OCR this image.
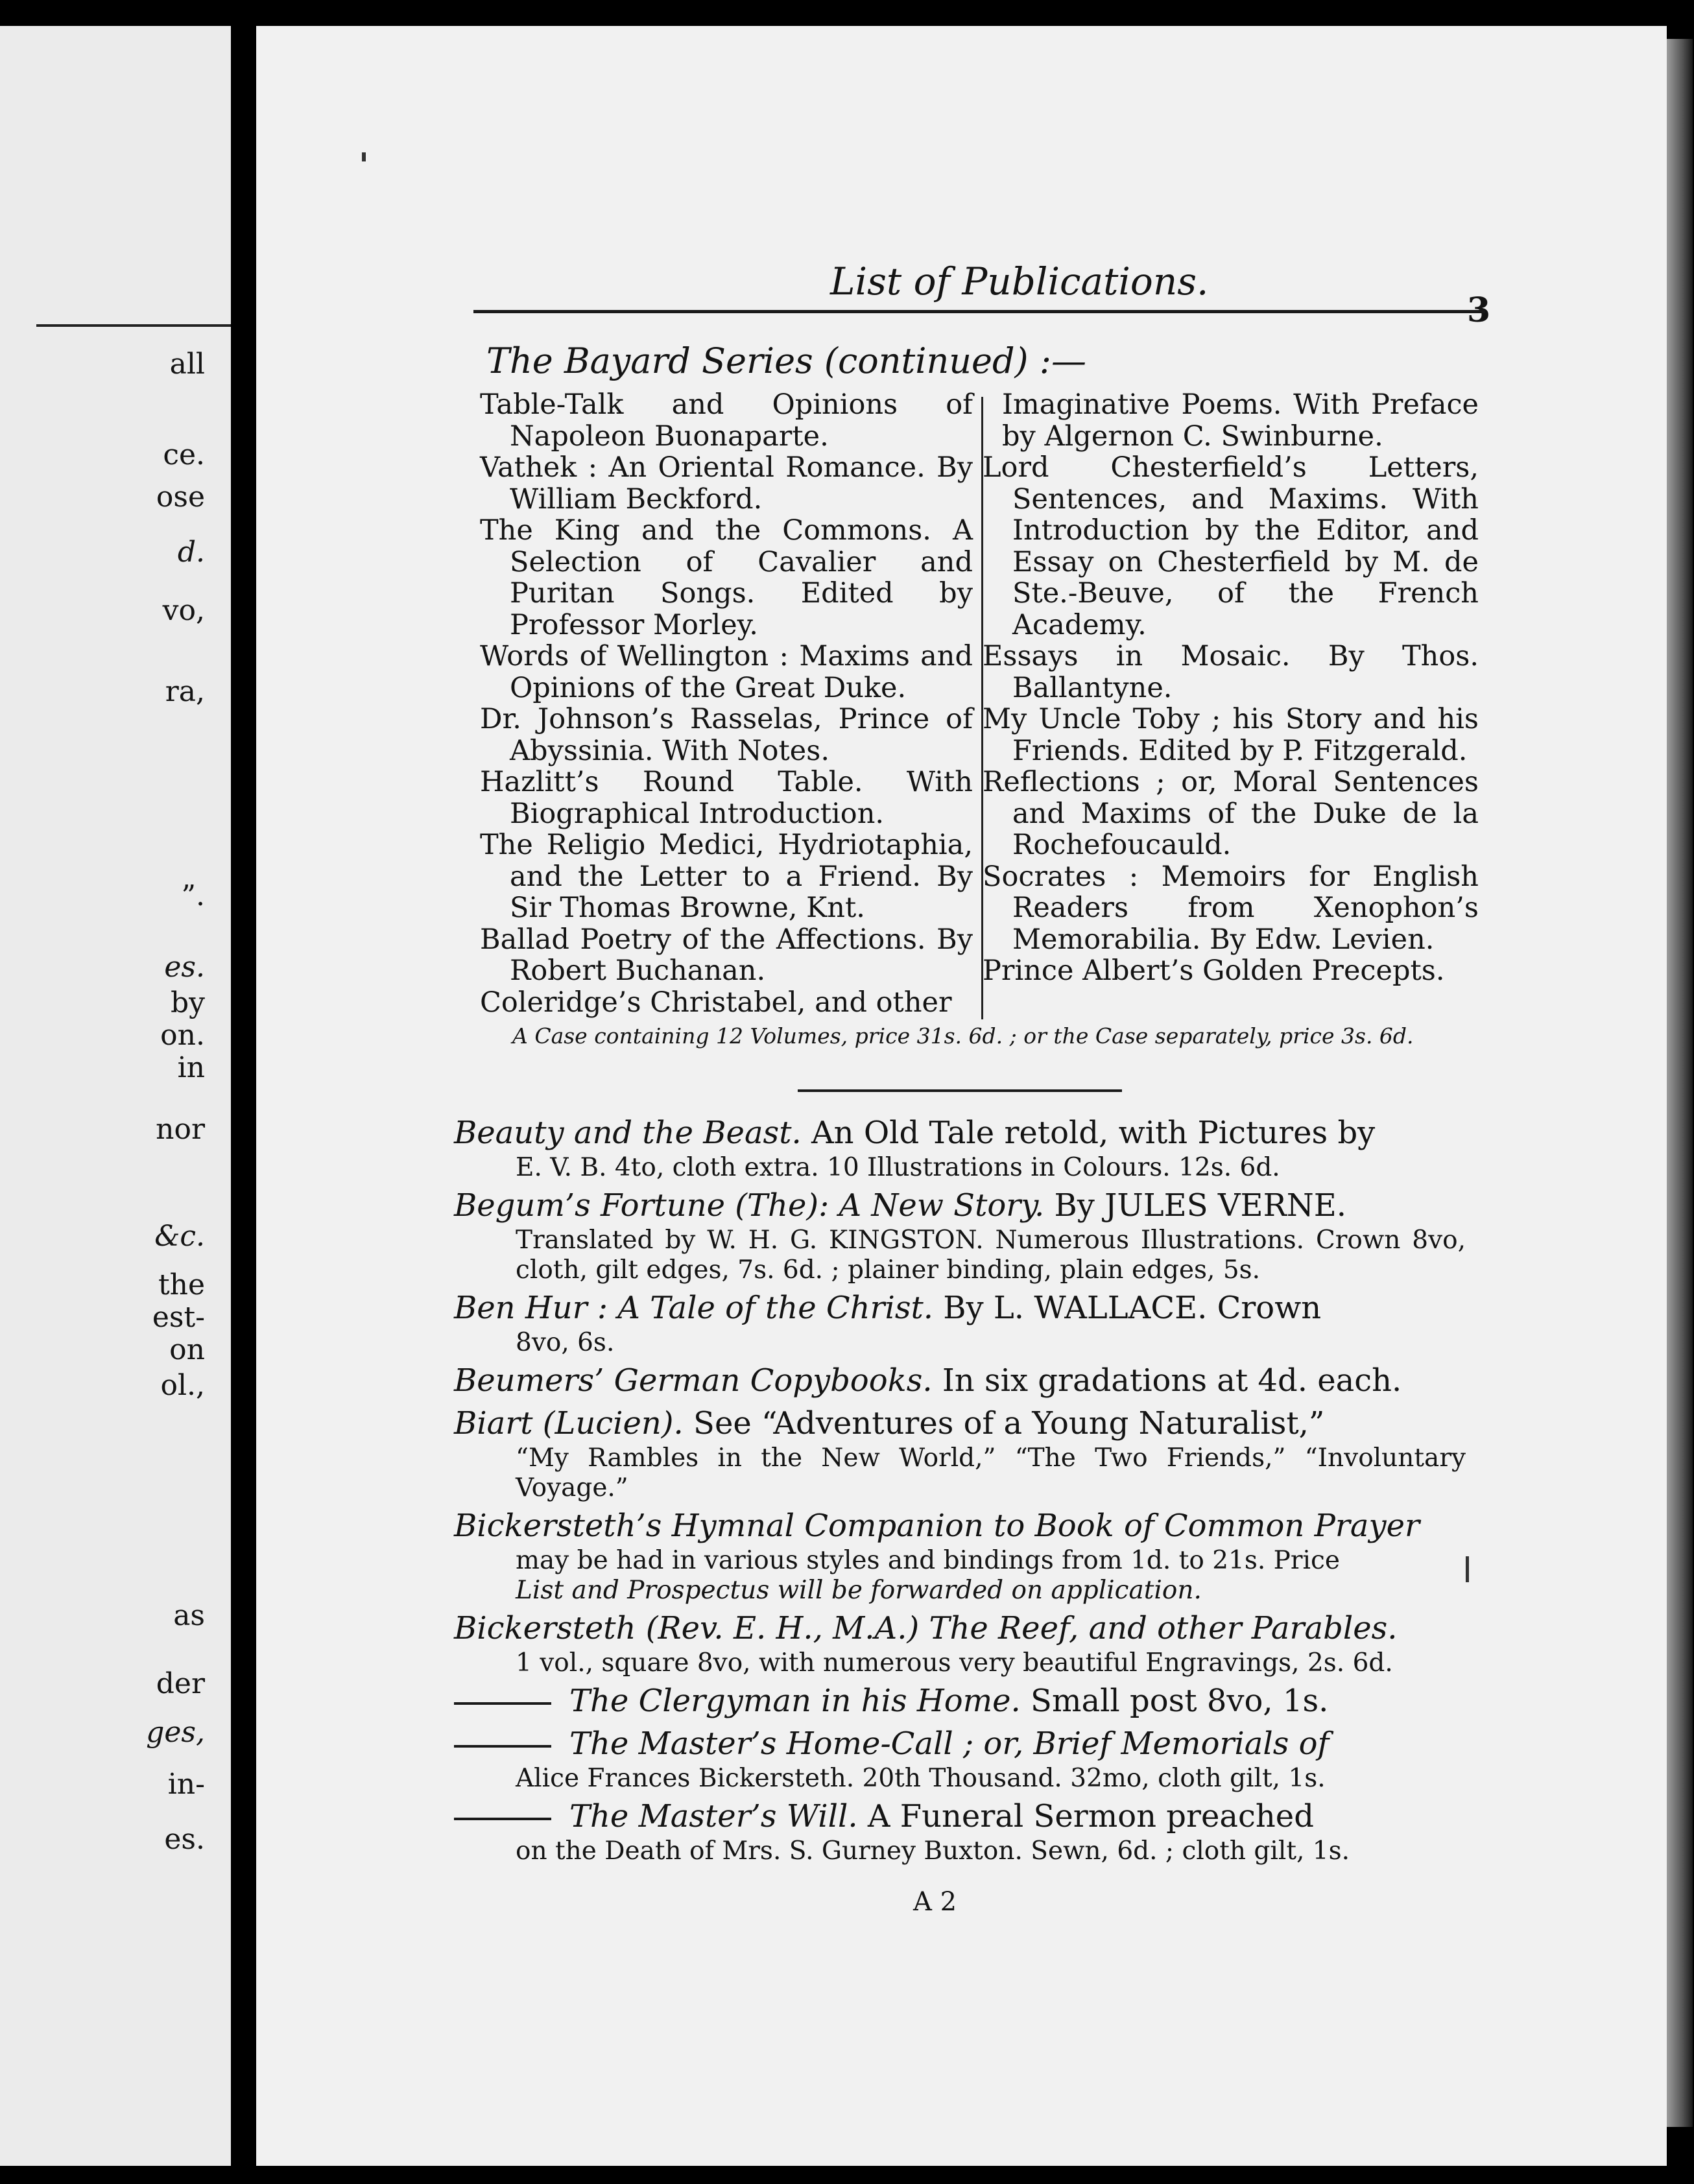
all
ce.
ose
d.
vo,
ra,
”.
es.
by
on.
in
nor
&c.
the
est-
on
ol.,
as
der
ges,
in-
es.
List of Publications.
3
The Bayard Series (continued) :—

Table-Talk and Opinions of Napoleon Buonaparte.

Vathek : An Oriental Romance. By William Beckford.

The King and the Commons. A Selection of Cavalier and Puritan Songs. Edited by Professor Morley.

Words of Wellington : Maxims and Opinions of the Great Duke.

Dr. Johnson’s Rasselas, Prince of Abyssinia. With Notes.

Hazlitt’s Round Table. With Biographical Introduction.

The Religio Medici, Hydriotaphia, and the Letter to a Friend. By Sir Thomas Browne, Knt.

Ballad Poetry of the Affections. By Robert Buchanan.

Coleridge’s Christabel, and other

Imaginative Poems. With Preface by Algernon C. Swinburne.

Lord Chesterfield’s Letters, Sentences, and Maxims. With Introduction by the Editor, and Essay on Chesterfield by M. de Ste.-Beuve, of the French Academy.

Essays in Mosaic. By Thos. Ballantyne.

My Uncle Toby ; his Story and his Friends. Edited by P. Fitzgerald.

Reflections ; or, Moral Sentences and Maxims of the Duke de la Rochefoucauld.

Socrates : Memoirs for English Readers from Xenophon’s Memorabilia. By Edw. Levien.

Prince Albert’s Golden Precepts.

A Case containing 12 Volumes, price 31s. 6d. ; or the Case separately, price 3s. 6d.
Beauty and the Beast. An Old Tale retold, with Pictures by
E. V. B. 4to, cloth extra. 10 Illustrations in Colours. 12s. 6d.
Begum’s Fortune (The): A New Story. By JULES VERNE.
Translated by W. H. G. KINGSTON. Numerous Illustrations. Crown 8vo, cloth, gilt edges, 7s. 6d. ; plainer binding, plain edges, 5s.
Ben Hur : A Tale of the Christ. By L. WALLACE. Crown
8vo, 6s.
Beumers’ German Copybooks. In six gradations at 4d. each.
Biart (Lucien). See “Adventures of a Young Naturalist,”
“My Rambles in the New World,” “The Two Friends,” “Involuntary Voyage.”
Bickersteth’s Hymnal Companion to Book of Common Prayer
may be had in various styles and bindings from 1d. to 21s. Price
List and Prospectus will be forwarded on application.
Bickersteth (Rev. E. H., M.A.) The Reef, and other Parables.
1 vol., square 8vo, with numerous very beautiful Engravings, 2s. 6d.
The Clergyman in his Home. Small post 8vo, 1s.
The Master’s Home-Call ; or, Brief Memorials of
Alice Frances Bickersteth. 20th Thousand. 32mo, cloth gilt, 1s.
The Master’s Will. A Funeral Sermon preached
on the Death of Mrs. S. Gurney Buxton. Sewn, 6d. ; cloth gilt, 1s.
A 2
